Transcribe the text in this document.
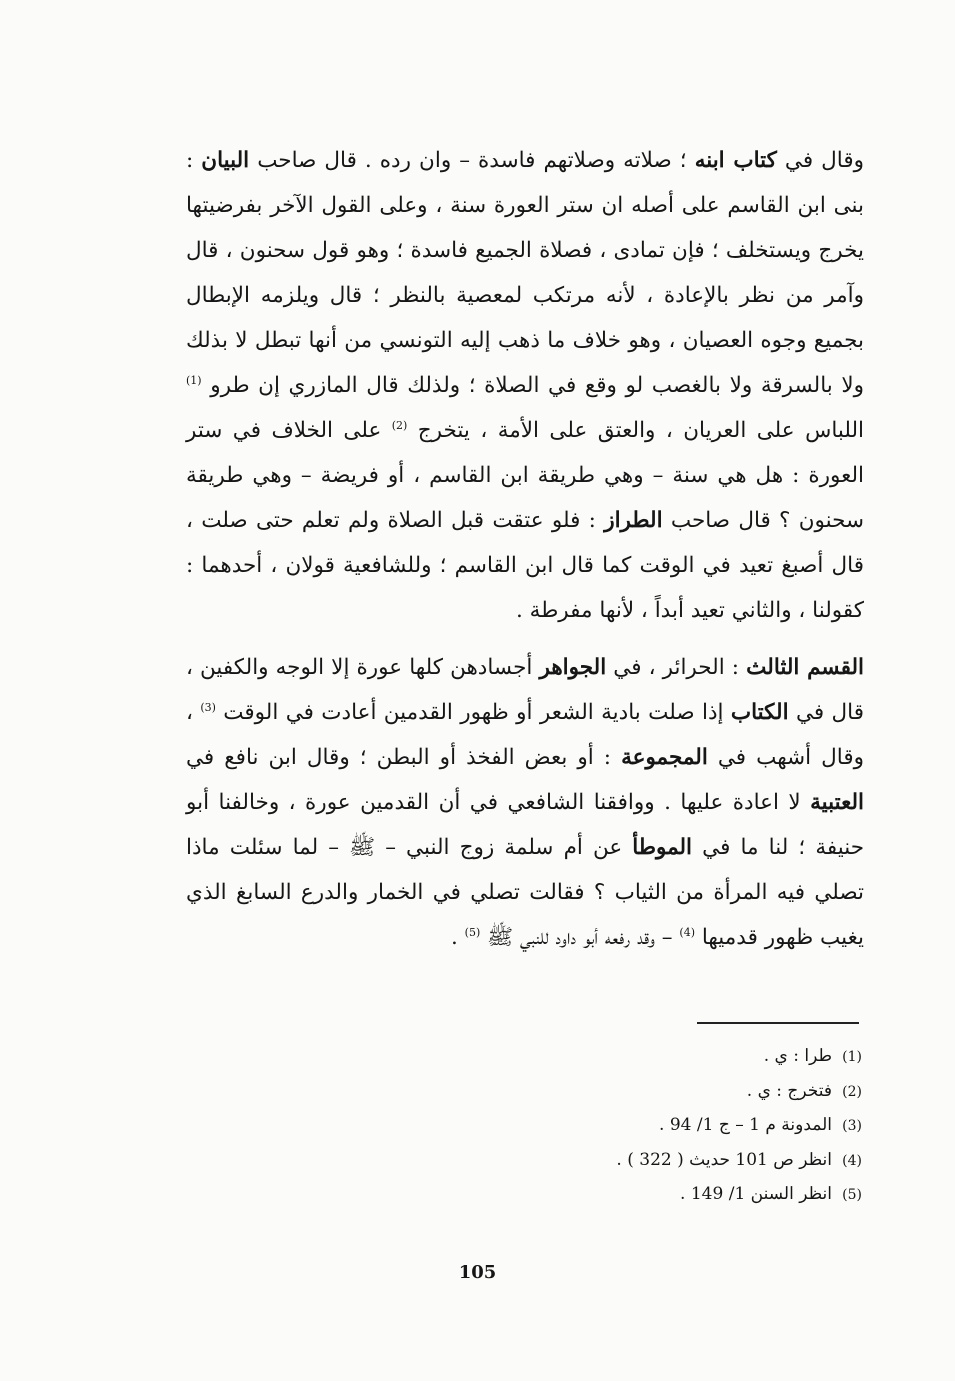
وقال في كتاب ابنه ؛ صلاته وصلاتهم فاسدة – وان رده . قال صاحب البيان : بنى ابن القاسم على أصله ان ستر العورة سنة ، وعلى القول الآخر بفرضيتها يخرج ويستخلف ؛ فإن تمادى ، فصلاة الجميع فاسدة ؛ وهو قول سحنون ، قال وآمر من نظر بالإعادة ، لأنه مرتكب لمعصية بالنظر ؛ قال ويلزمه الإبطال بجميع وجوه العصيان ، وهو خلاف ما ذهب إليه التونسي من أنها تبطل لا بذلك ولا بالسرقة ولا بالغصب لو وقع في الصلاة ؛ ولذلك قال المازري إن طرو $^{(1)}$ اللباس على العريان ، والعتق على الأمة ، يتخرج $^{(2)}$ على الخلاف في ستر العورة : هل هي سنة – وهي طريقة ابن القاسم ، أو فريضة – وهي طريقة سحنون ؟ قال صاحب الطراز : فلو عتقت قبل الصلاة ولم تعلم حتى صلت ، قال أصبغ تعيد في الوقت كما قال ابن القاسم ؛ وللشافعية قولان ، أحدهما : كقولنا ، والثاني تعيد أبداً ، لأنها مفرطة .

القسم الثالث : الحرائر ، في الجواهر أجسادهن كلها عورة إلا الوجه والكفين ، قال في الكتاب إذا صلت بادية الشعر أو ظهور القدمين أعادت في الوقت $^{(3)}$ ، وقال أشهب في المجموعة : أو بعض الفخذ أو البطن ؛ وقال ابن نافع في العتبية لا اعادة عليها . ووافقنا الشافعي في أن القدمين عورة ، وخالفنا أبو حنيفة ؛ لنا ما في الموطأ عن أم سلمة زوج النبي – ﷺ – لما سئلت ماذا تصلي فيه المرأة من الثياب ؟ فقالت تصلي في الخمار والدرع السابغ الذي يغيب ظهور قدميها $^{(4)}$ – وقد رفعه أبو داود للنبي ﷺ $^{(5)}$ .

(1)طرا : ي .
(2)فتخرج : ي .
(3)المدونة م 1 – ج 1/ 94 .
(4)انظر ص 101 حديث ( 322 ) .
(5)انظر السنن 1/ 149 .
105
